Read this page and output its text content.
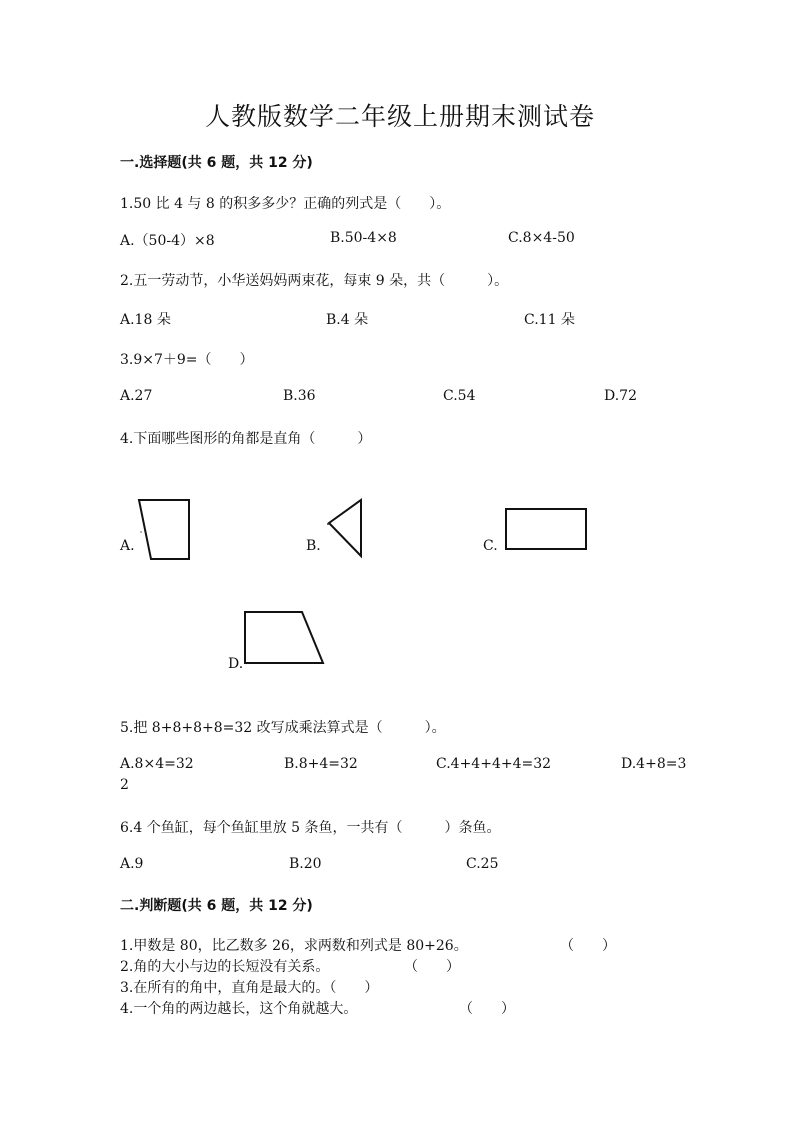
人教版数学二年级上册期末测试卷
一.选择题(共 6 题，共 12 分)
1.50 比 4 与 8 的积多多少？正确的列式是（　　）。
A.（50-4）×8	B.50-4×8	C.8×4-50
2.五一劳动节，小华送妈妈两束花，每束 9 朵，共（　　　）。
A.18 朵	B.4 朵	C.11 朵
3.9×7＋9=（　　）
A.27	B.36	C.54	D.72
4.下面哪些图形的角都是直角（　　　）
A.	B.	C.
D.
5.把 8+8+8+8=32 改写成乘法算式是（　　　）。
A.8×4=32	B.8+4=32	C.4+4+4+4=32	D.4+8=3
2
6.4 个鱼缸，每个鱼缸里放 5 条鱼，一共有（　　　）条鱼。
A.9	B.20	C.25
二.判断题(共 6 题，共 12 分)
1.甲数是 80，比乙数多 26，求两数和列式是 80+26。	（　　）
2.角的大小与边的长短没有关系。	（　　）
3.在所有的角中，直角是最大的。（　　）
4.一个角的两边越长，这个角就越大。	（　　）
